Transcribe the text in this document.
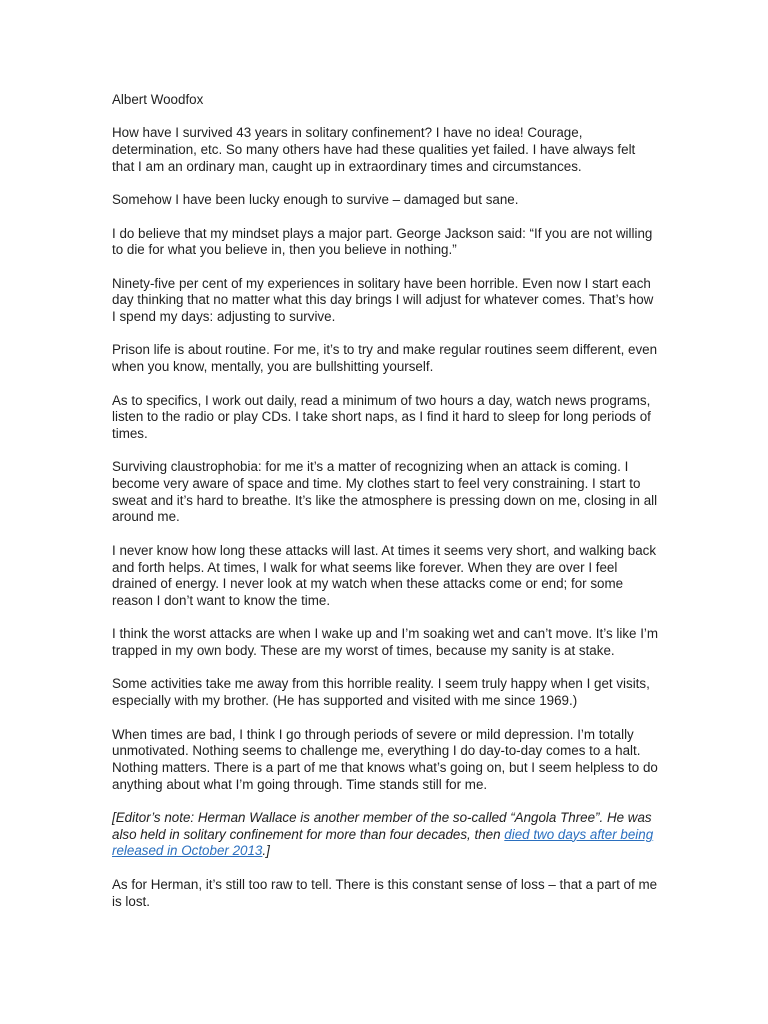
Albert Woodfox

How have I survived 43 years in solitary confinement? I have no idea! Courage, determination, etc. So many others have had these qualities yet failed. I have always felt that I am an ordinary man, caught up in extraordinary times and circumstances.

Somehow I have been lucky enough to survive – damaged but sane.

I do believe that my mindset plays a major part. George Jackson said: “If you are not willing to die for what you believe in, then you believe in nothing.”

Ninety-five per cent of my experiences in solitary have been horrible. Even now I start each day thinking that no matter what this day brings I will adjust for whatever comes. That’s how I spend my days: adjusting to survive.

Prison life is about routine. For me, it’s to try and make regular routines seem different, even when you know, mentally, you are bullshitting yourself.

As to specifics, I work out daily, read a minimum of two hours a day, watch news programs, listen to the radio or play CDs. I take short naps, as I find it hard to sleep for long periods of times.

Surviving claustrophobia: for me it’s a matter of recognizing when an attack is coming. I become very aware of space and time. My clothes start to feel very constraining. I start to sweat and it’s hard to breathe. It’s like the atmosphere is pressing down on me, closing in all around me.

I never know how long these attacks will last. At times it seems very short, and walking back and forth helps. At times, I walk for what seems like forever. When they are over I feel drained of energy. I never look at my watch when these attacks come or end; for some reason I don’t want to know the time.

I think the worst attacks are when I wake up and I’m soaking wet and can’t move. It’s like I’m trapped in my own body. These are my worst of times, because my sanity is at stake.

Some activities take me away from this horrible reality. I seem truly happy when I get visits, especially with my brother. (He has supported and visited with me since 1969.)

When times are bad, I think I go through periods of severe or mild depression. I’m totally unmotivated. Nothing seems to challenge me, everything I do day-to-day comes to a halt. Nothing matters. There is a part of me that knows what’s going on, but I seem helpless to do anything about what I’m going through. Time stands still for me.

[Editor’s note: Herman Wallace is another member of the so-called “Angola Three”. He was also held in solitary confinement for more than four decades, then died two days after being released in October 2013.]

As for Herman, it’s still too raw to tell. There is this constant sense of loss – that a part of me is lost.
